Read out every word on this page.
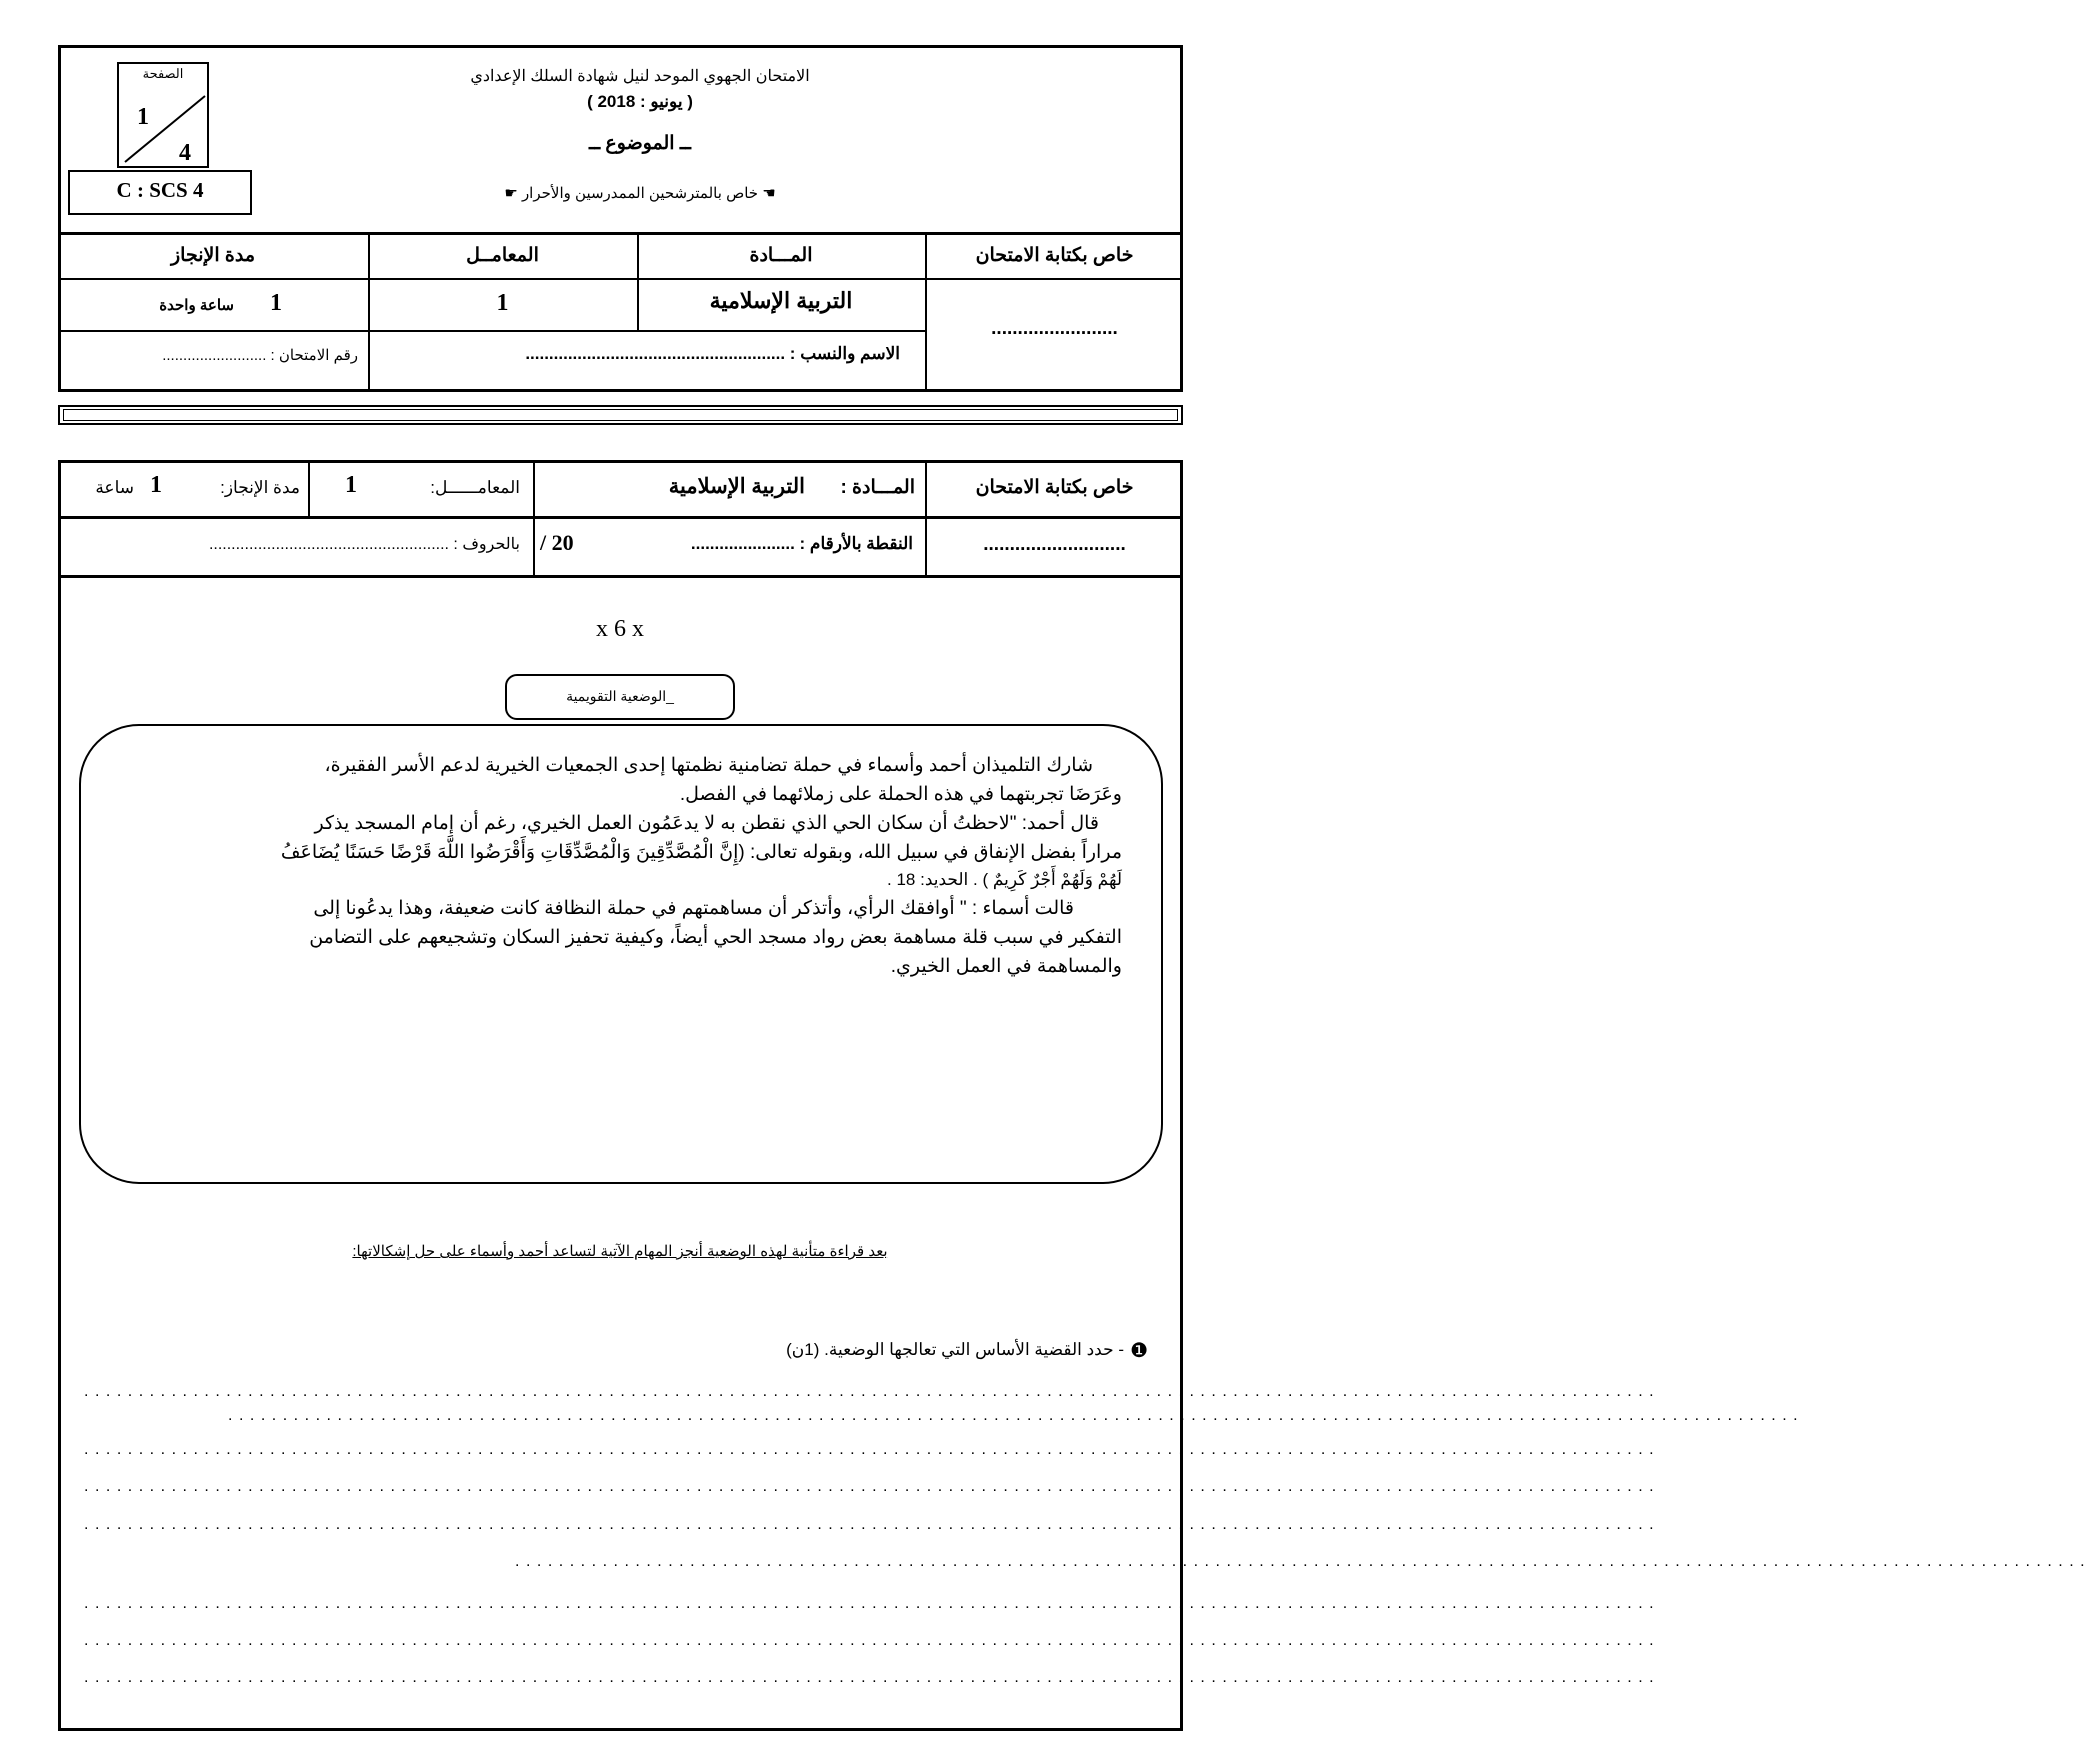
الصفحة
1
4
C : SCS 4
الامتحان الجهوي الموحد لنيل شهادة السلك الإعدادي
( يونيو : 2018 )
ــ الموضوع ــ
☚ خاص بالمترشحين الممدرسين والأحرار ☛
خاص بكتابة الامتحان
المـــادة
المعامــل
مدة الإنجاز
التربية الإسلامية
1
1
ساعة واحدة
الاسم والنسب : .......................................................
رقم الامتحان : .........................
........................
خاص بكتابة الامتحان
المـــادة :
التربية الإسلامية
المعامــــــل:
1
مدة الإنجاز:
1
ساعة
...........................
النقطة بالأرقام : ......................
/ 20
بالحروف : ......................................................
x 6 x
_الوضعية التقويمية
شارك التلميذان أحمد وأسماء في حملة تضامنية نظمتها إحدى الجمعيات الخيرية لدعم الأسر الفقيرة،
وعَرَضَا تجربتهما في هذه الحملة على زملائهما في الفصل.
قال أحمد: "لاحظتُ أن سكان الحي الذي نقطن به لا يدعَمُون العمل الخيري، رغم أن إمام المسجد يذكر
مراراً بفضل الإنفاق في سبيل الله، وبقوله تعالى: (إِنَّ الْمُصَّدِّقِينَ وَالْمُصَّدِّقَاتِ وَأَقْرَضُوا اللَّهَ قَرْضًا حَسَنًا يُضَاعَفُ
لَهُمْ وَلَهُمْ أَجْرٌ كَرِيمٌ ) . الحديد: 18 .
قالت أسماء : " أوافقك الرأي، وأتذكر أن مساهمتهم في حملة النظافة كانت ضعيفة، وهذا يدعُونا إلى
التفكير في سبب قلة مساهمة بعض رواد مسجد الحي أيضاً، وكيفية تحفيز السكان وتشجيعهم على التضامن
والمساهمة في العمل الخيري.
بعد قراءة متأنية لهذه الوضعية أنجز المهام الآتية لتساعد أحمد وأسماء على حل إشكالاتها:
❶
- حدد القضية الأساس التي تعالجها الوضعية. (1ن)
................................................................................................................................................
................................................................................................................................................
................................................................................................................................................
................................................................................................................................................
................................................................................................................................................
................................................................................................................................................
................................................................................................................................................
................................................................................................................................................
................................................................................................................................................
